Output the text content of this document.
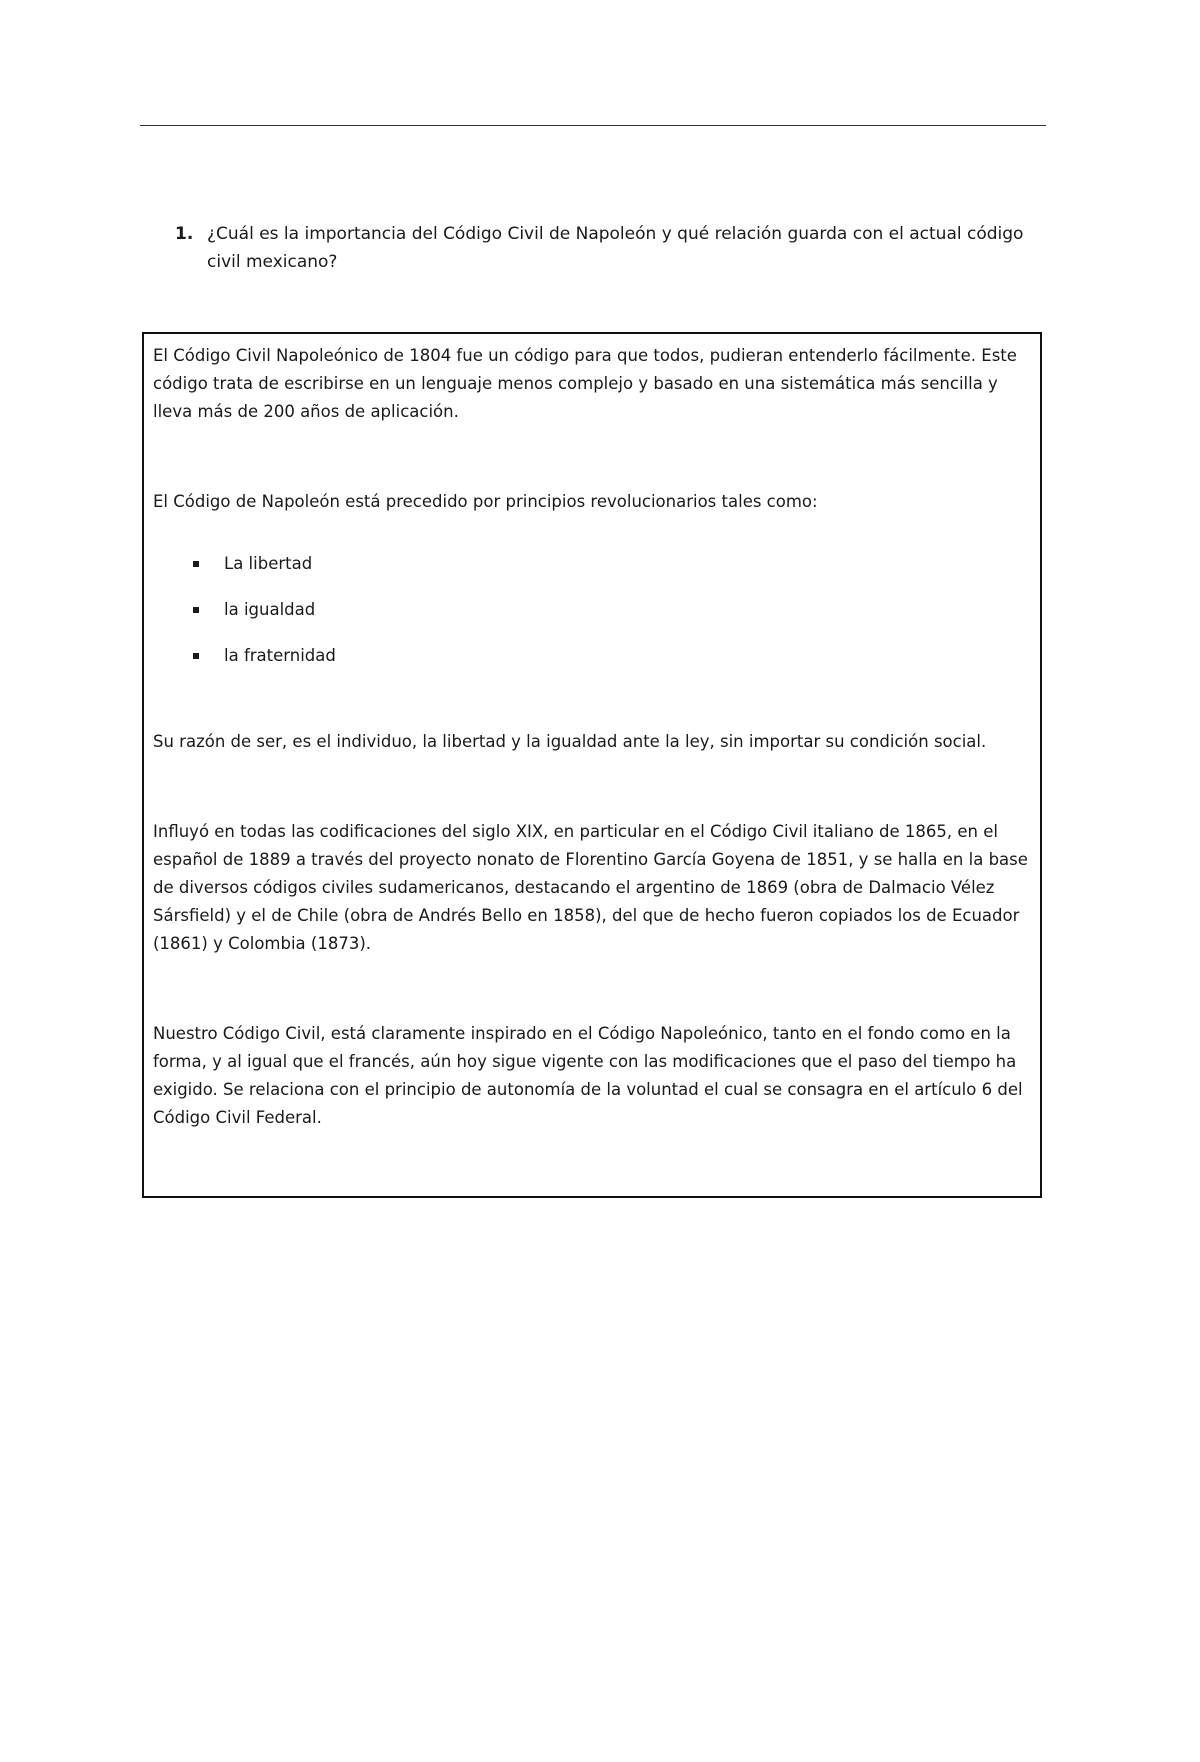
1. ¿Cuál es la importancia del Código Civil de Napoleón y qué relación guarda con el actual código civil mexicano?

El Código Civil Napoleónico de 1804 fue un código para que todos, pudieran entenderlo fácilmente. Este código trata de escribirse en un lenguaje menos complejo y basado en una sistemática más sencilla y lleva más de 200 años de aplicación.

El Código de Napoleón está precedido por principios revolucionarios tales como:

La libertad
la igualdad
la fraternidad

Su razón de ser, es el individuo, la libertad y la igualdad ante la ley, sin importar su condición social.

Influyó en todas las codificaciones del siglo XIX, en particular en el Código Civil italiano de 1865, en el español de 1889 a través del proyecto nonato de Florentino García Goyena de 1851, y se halla en la base de diversos códigos civiles sudamericanos, destacando el argentino de 1869 (obra de Dalmacio Vélez Sársfield) y el de Chile (obra de Andrés Bello en 1858), del que de hecho fueron copiados los de Ecuador (1861) y Colombia (1873).

Nuestro Código Civil, está claramente inspirado en el Código Napoleónico, tanto en el fondo como en la forma, y al igual que el francés, aún hoy sigue vigente con las modificaciones que el paso del tiempo ha exigido. Se relaciona con el principio de autonomía de la voluntad el cual se consagra en el artículo 6 del Código Civil Federal.
